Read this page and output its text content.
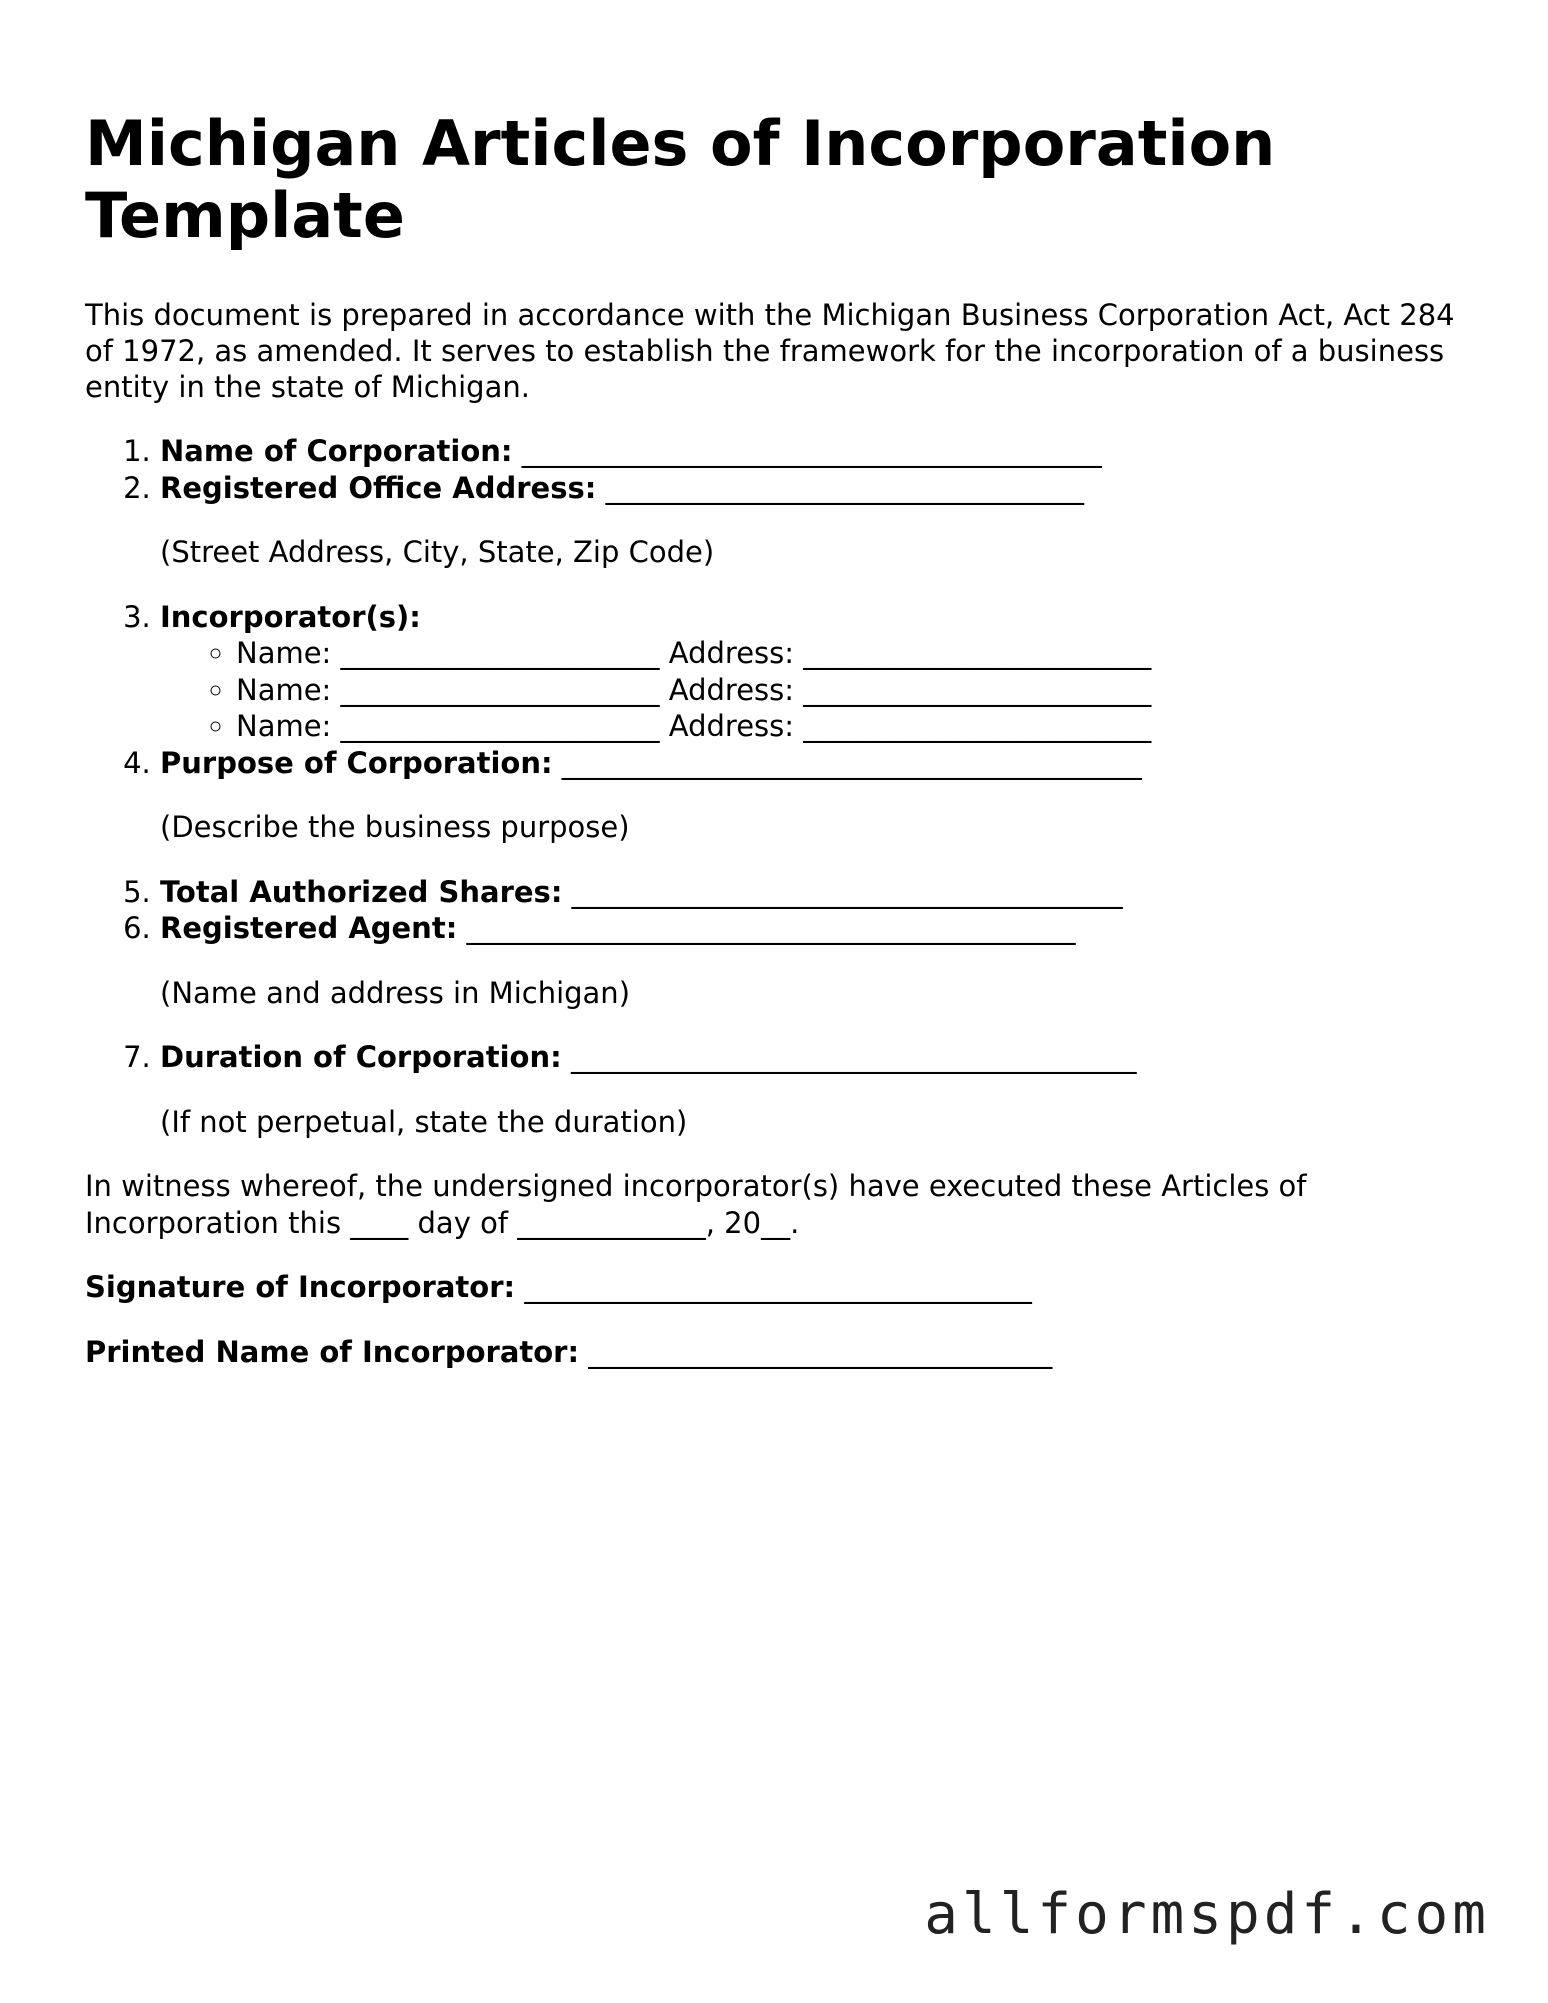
Michigan Articles of Incorporation Template

This document is prepared in accordance with the Michigan Business Corporation Act, Act 284 of 1972, as amended. It serves to establish the framework for the incorporation of a business entity in the state of Michigan.

1. Name of Corporation: ________________________________________
2. Registered Office Address: _________________________________
(Street Address, City, State, Zip Code)
3. Incorporator(s):
◦ Name: ______________________ Address: ________________________
◦ Name: ______________________ Address: ________________________
◦ Name: ______________________ Address: ________________________
4. Purpose of Corporation: ________________________________________
(Describe the business purpose)
5. Total Authorized Shares: ______________________________________
6. Registered Agent: __________________________________________
(Name and address in Michigan)
7. Duration of Corporation: _______________________________________
(If not perpetual, state the duration)

In witness whereof, the undersigned incorporator(s) have executed these Articles of Incorporation this ____ day of _____________, 20__.

Signature of Incorporator: ___________________________________
Printed Name of Incorporator: ________________________________
allformspdf.com
